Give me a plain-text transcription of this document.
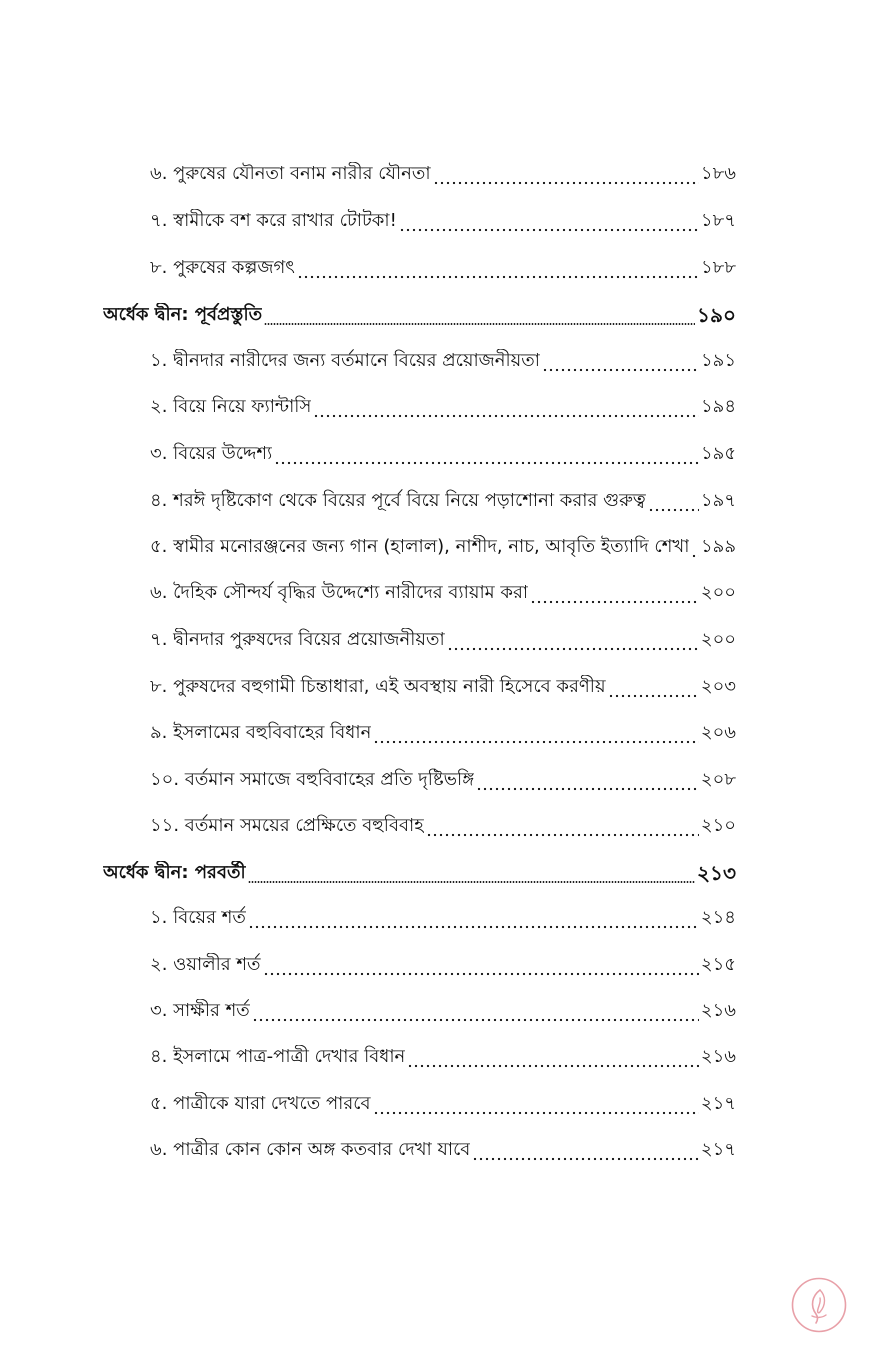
৬. পুরুষের যৌনতা বনাম নারীর যৌনতা	১৮৬
৭. স্বামীকে বশ করে রাখার টোটকা!	১৮৭
৮. পুরুষের কল্পজগৎ	১৮৮
অর্ধেক দ্বীন: পূর্বপ্রস্তুতি	১৯০
১. দ্বীনদার নারীদের জন্য বর্তমানে বিয়ের প্রয়োজনীয়তা	১৯১
২. বিয়ে নিয়ে ফ্যান্টাসি	১৯৪
৩. বিয়ের উদ্দেশ্য	১৯৫
৪. শরঈ দৃষ্টিকোণ থেকে বিয়ের পূর্বে বিয়ে নিয়ে পড়াশোনা করার গুরুত্ব	১৯৭
৫. স্বামীর মনোরঞ্জনের জন্য গান (হালাল), নাশীদ, নাচ, আবৃতি ইত্যাদি শেখা ১৯৯
৬. দৈহিক সৌন্দর্য বৃদ্ধির উদ্দেশ্যে নারীদের ব্যায়াম করা	২০০
৭. দ্বীনদার পুরুষদের বিয়ের প্রয়োজনীয়তা	২০০
৮. পুরুষদের বহুগামী চিন্তাধারা, এই অবস্থায় নারী হিসেবে করণীয়	২০৩
৯. ইসলামের বহুবিবাহের বিধান	২০৬
১০. বর্তমান সমাজে বহুবিবাহের প্রতি দৃষ্টিভঙ্গি	২০৮
১১. বর্তমান সময়ের প্রেক্ষিতে বহুবিবাহ	২১০
অর্ধেক দ্বীন: পরবর্তী	২১৩
১. বিয়ের শর্ত	২১৪
২. ওয়ালীর শর্ত	২১৫
৩. সাক্ষীর শর্ত	২১৬
৪. ইসলামে পাত্র-পাত্রী দেখার বিধান	২১৬
৫. পাত্রীকে যারা দেখতে পারবে	২১৭
৬. পাত্রীর কোন কোন অঙ্গ কতবার দেখা যাবে	২১৭
